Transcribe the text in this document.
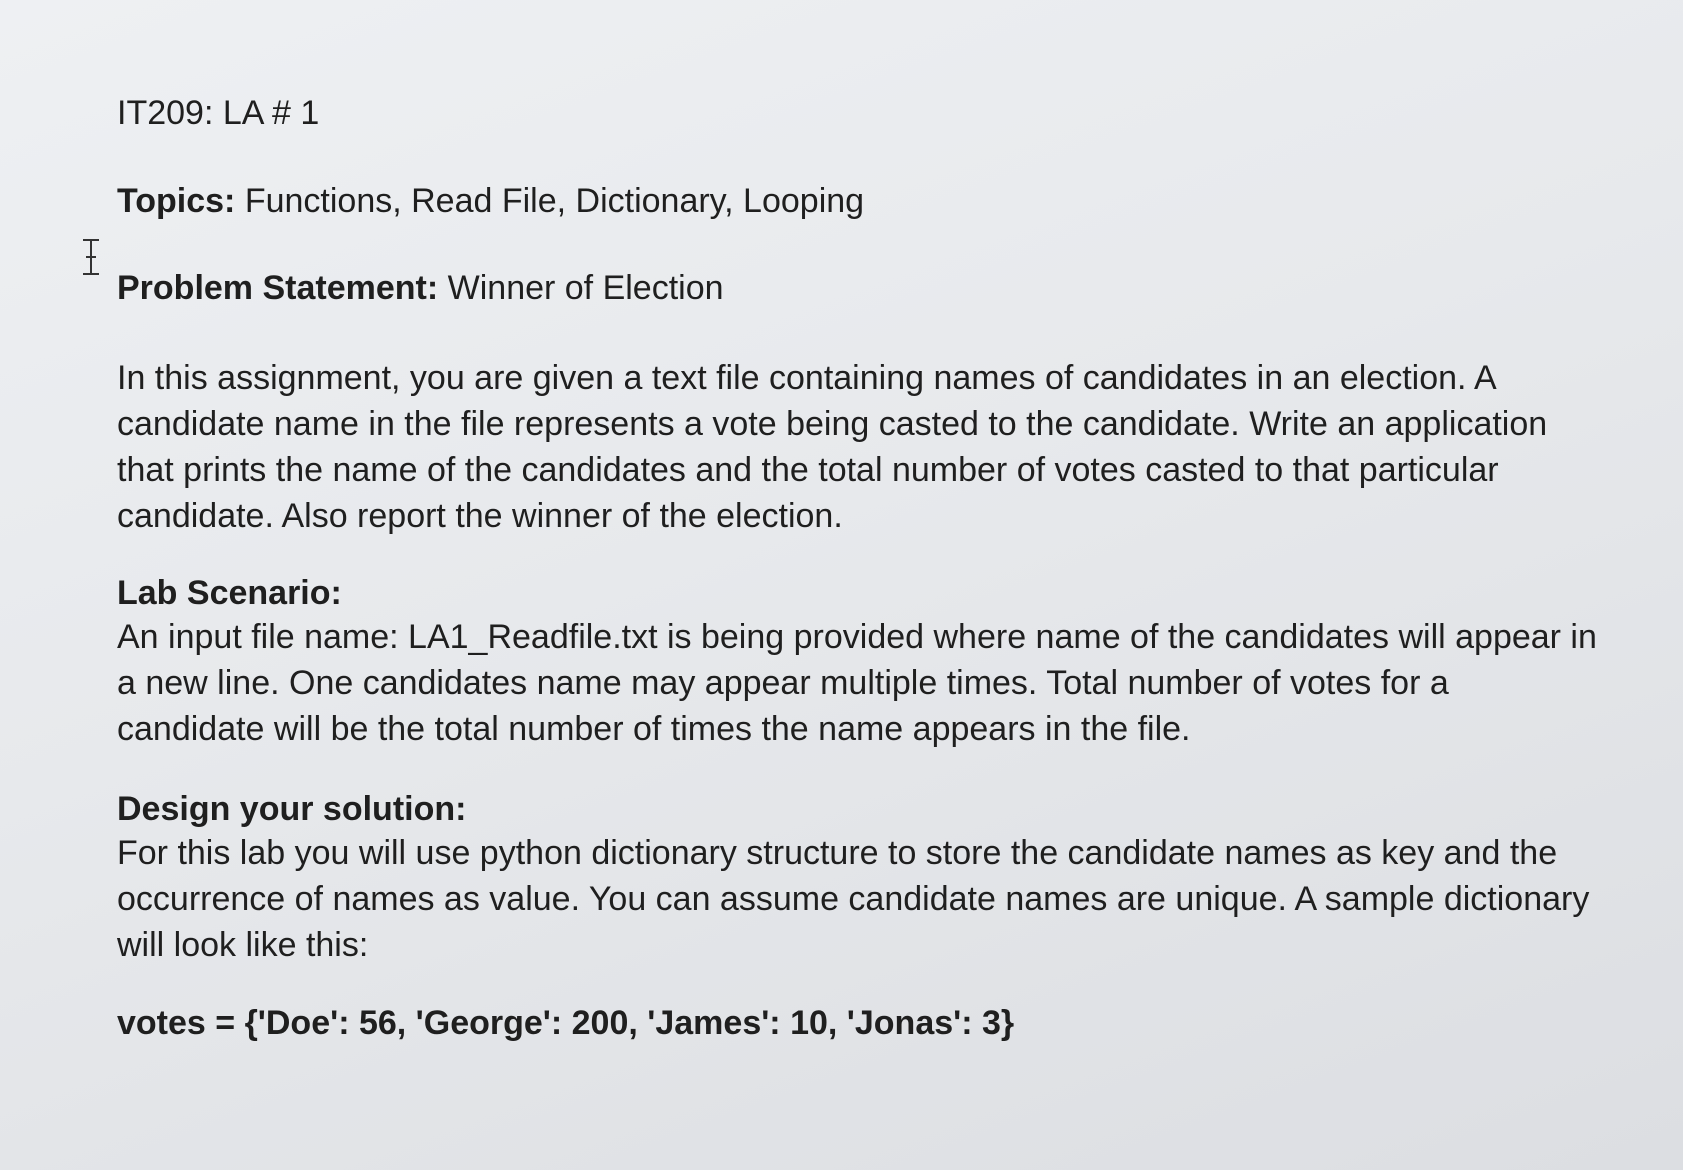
IT209: LA # 1

Topics: Functions, Read File, Dictionary, Looping

Problem Statement: Winner of Election

In this assignment, you are given a text file containing names of candidates in an election. A candidate name in the file represents a vote being casted to the candidate. Write an application that prints the name of the candidates and the total number of votes casted to that particular candidate. Also report the winner of the election.

Lab Scenario:

An input file name: LA1_Readfile.txt is being provided where name of the candidates will appear in a new line. One candidates name may appear multiple times. Total number of votes for a candidate will be the total number of times the name appears in the file.

Design your solution:

For this lab you will use python dictionary structure to store the candidate names as key and the occurrence of names as value. You can assume candidate names are unique. A sample dictionary will look like this:

votes = {'Doe': 56, 'George': 200, 'James': 10, 'Jonas': 3}
